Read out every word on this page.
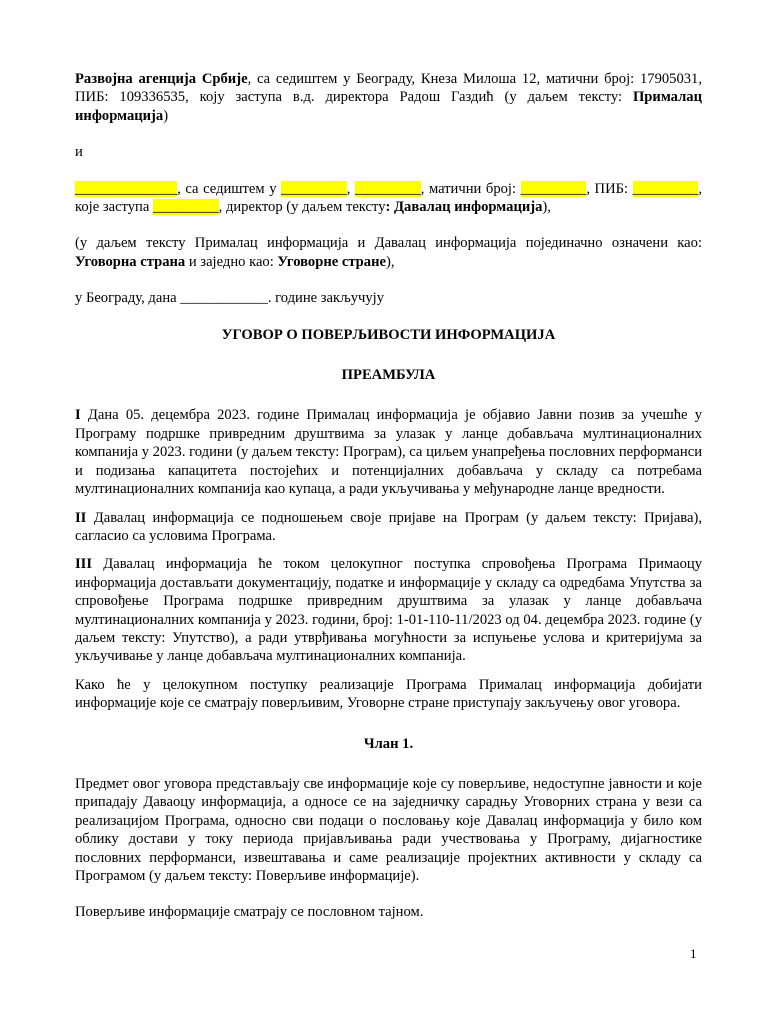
Развојна агенција Србије, са седиштем у Београду, Кнеза Милоша 12, матични број: 17905031, ПИБ: 109336535, коју заступа в.д. директора Радош Газдић (у даљем тексту: Прималац информација)

и

______________, са седиштем у _________, _________, матични број: _________, ПИБ: _________, које заступа _________, директор (у даљем тексту: Давалац информација),

(у даљем тексту Прималац информација и Давалац информација појединачно означени као: Уговорна страна и заједно као: Уговорне стране),

у Београду, дана ____________. године закључују

УГОВОР О ПОВЕРЉИВОСТИ ИНФОРМАЦИЈА

ПРЕАМБУЛА

I Дана 05. децембра 2023. године Прималац информација је објавио Јавни позив за учешће у Програму подршке привредним друштвима за улазак у ланце добављача мултинационалних компанија у 2023. години (у даљем тексту: Програм), са циљем унапређења пословних перформанси и подизања капацитета постојећих и потенцијалних добављача у складу са потребама мултинационалних компанија као купаца, а ради укључивања у међународне ланце вредности.

II Давалац информација се подношењем своје пријаве на Програм (у даљем тексту: Пријава), сагласио са условима Програма.

III Давалац информација ће током целокупног поступка спровођења Програма Примаоцу информација достављати документацију, податке и информације у складу са одредбама Упутства за спровођење Програма подршке привредним друштвима за улазак у ланце добављача мултинационалних компанија у 2023. години, број: 1-01-110-11/2023 од 04. децембра 2023. године (у даљем тексту: Упутство), а ради утврђивања могућности за испуњење услова и критеријума за укључивање у ланце добављача мултинационалних компанија.

Како ће у целокупном поступку реализације Програма Прималац информација добијати информације које се сматрају поверљивим, Уговорне стране приступају закључењу овог уговора.

Члан 1.

Предмет овог уговора представљају све информације које су поверљиве, недоступне јавности и које припадају Даваоцу информација, а односе се на заједничку сарадњу Уговорних страна у вези са реализацијом Програма, односно сви подаци о пословању које Давалац информација у било ком облику достави у току периода пријављивања ради учествовања у Програму, дијагностике пословних перформанси, извештавања и саме реализације пројектних активности у складу са Програмом (у даљем тексту: Поверљиве информације).

Поверљиве информације сматрају се пословном тајном.

1
